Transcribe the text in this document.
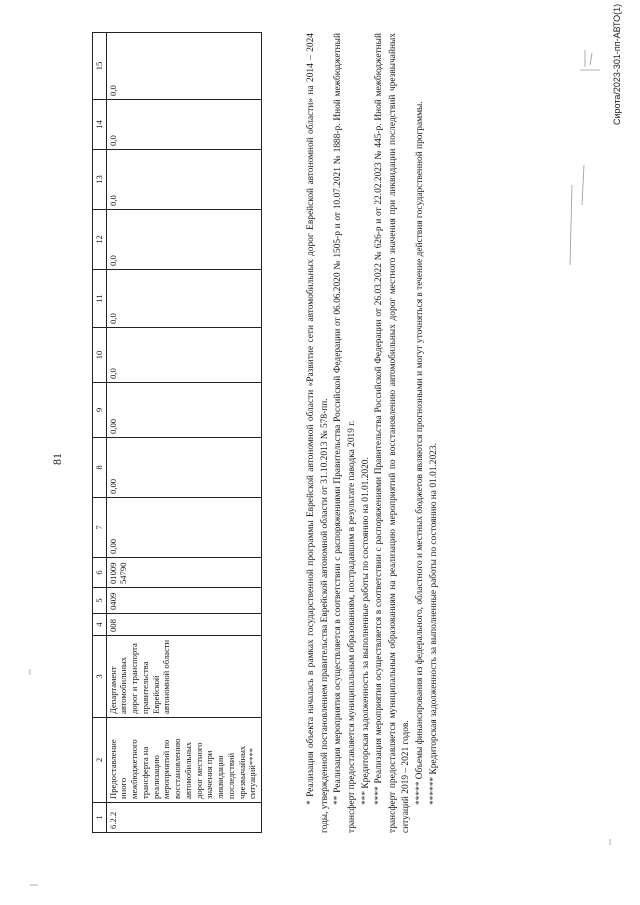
81
1	2	3	4	5	6	7	8	9	10	11	12	13	14	15
6.2.2	Предоставление иного межбюджетного трансферта на реализацию мероприятий по восстановлению автомобильных дорог местного значения при ликвидации последствий чрезвычайных ситуаций****	Департамент автомобильных дорог и транспорта правительства Еврейской автономной области	008	0409	01009 54790	0,00	0,00	0,00	0,0	0,0	0,0	0,0	0,0	0,0	* Реализация объекта началась в рамках государственной программы Еврейской автономной области «Развитие сети автомобильных дорог Еврейской автономной области» на 2014 – 2024 годы, утвержденной постановлением правительства Еврейской автономной области от 31.10.2013 № 578-пп. ** Реализация мероприятия осуществляется в соответствии с распоряжениями Правительства Российской Федерации от 06.06.2020 № 1505-р и от 10.07.2021 № 1888-р. Иной межбюджетный трансферт предоставляется муниципальным образованиям, пострадавшим в результате паводка 2019 г. *** Кредиторская задолженность за выполненные работы по состоянию на 01.01.2020. **** Реализация мероприятия осуществляется в соответствии с распоряжениями Правительства Российской Федерации от 26.03.2022 № 626-р и от 22.02.2023 № 445-р. Иной межбюджетный трансферт предоставляется муниципальным образованиям на реализацию мероприятий по восстановлению автомобильных дорог местного значения при ликвидации последствий чрезвычайных ситуаций 2019 – 2021 годов. ***** Объемы финансирования из федерального, областного и местных бюджетов являются прогнозными и могут уточняться в течение действия государственной программы. ****** Кредиторская задолженность за выполненные работы по состоянию на 01.01.2023.

Сирота/2023-301-пп-АВТО(1)
